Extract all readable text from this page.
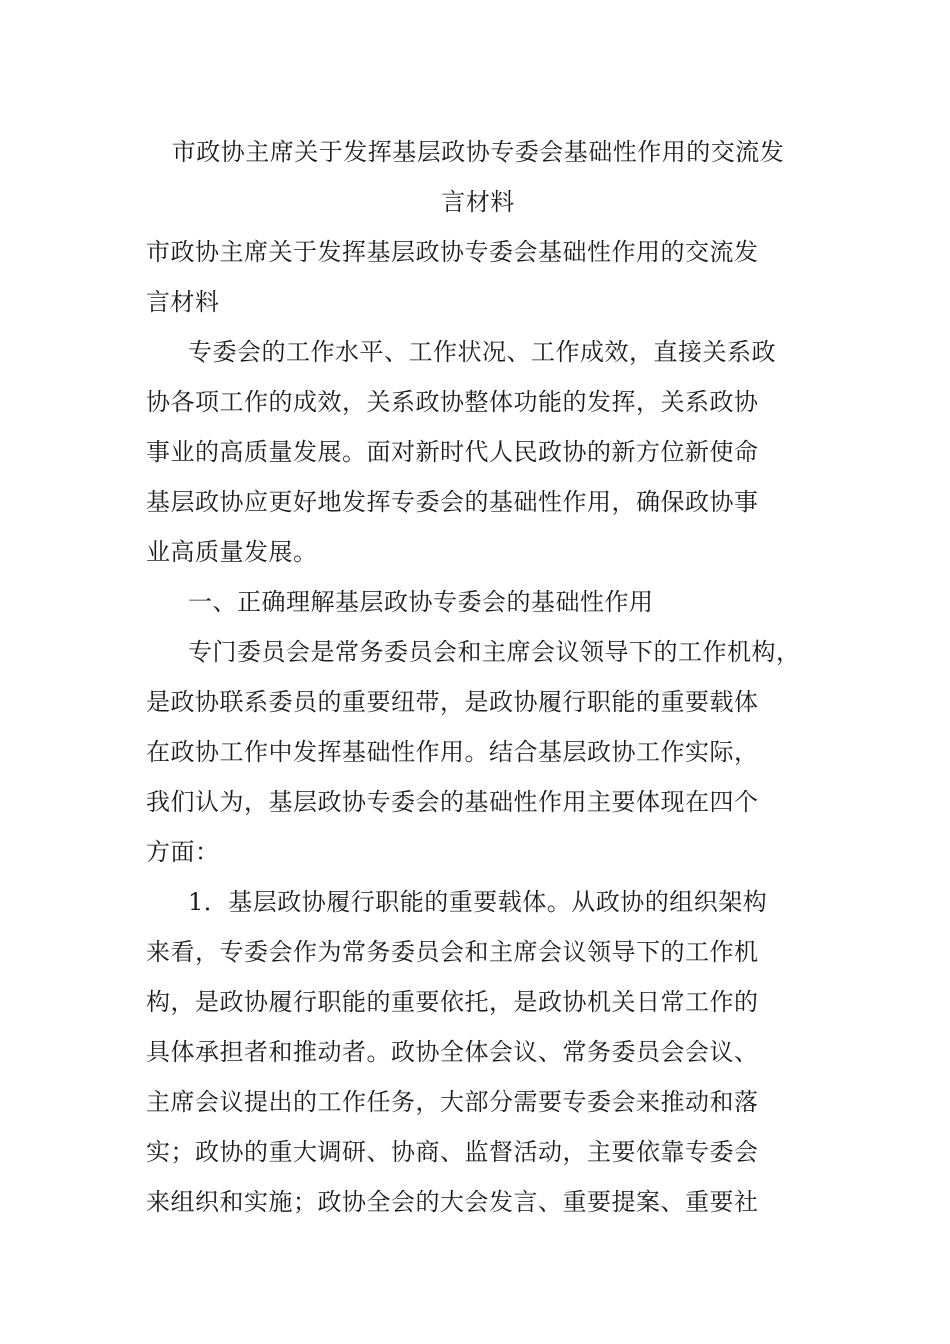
市政协主席关于发挥基层政协专委会基础性作用的交流发
言材料
市政协主席关于发挥基层政协专委会基础性作用的交流发
言材料
专委会的工作水平、工作状况、工作成效，直接关系政
协各项工作的成效，关系政协整体功能的发挥，关系政协
事业的高质量发展。面对新时代人民政协的新方位新使命
基层政协应更好地发挥专委会的基础性作用，确保政协事
业高质量发展。
一、正确理解基层政协专委会的基础性作用
专门委员会是常务委员会和主席会议领导下的工作机构，
是政协联系委员的重要纽带，是政协履行职能的重要载体
在政协工作中发挥基础性作用。结合基层政协工作实际，
我们认为，基层政协专委会的基础性作用主要体现在四个
方面：
1．基层政协履行职能的重要载体。从政协的组织架构
来看，专委会作为常务委员会和主席会议领导下的工作机
构，是政协履行职能的重要依托，是政协机关日常工作的
具体承担者和推动者。政协全体会议、常务委员会会议、
主席会议提出的工作任务，大部分需要专委会来推动和落
实；政协的重大调研、协商、监督活动，主要依靠专委会
来组织和实施；政协全会的大会发言、重要提案、重要社
